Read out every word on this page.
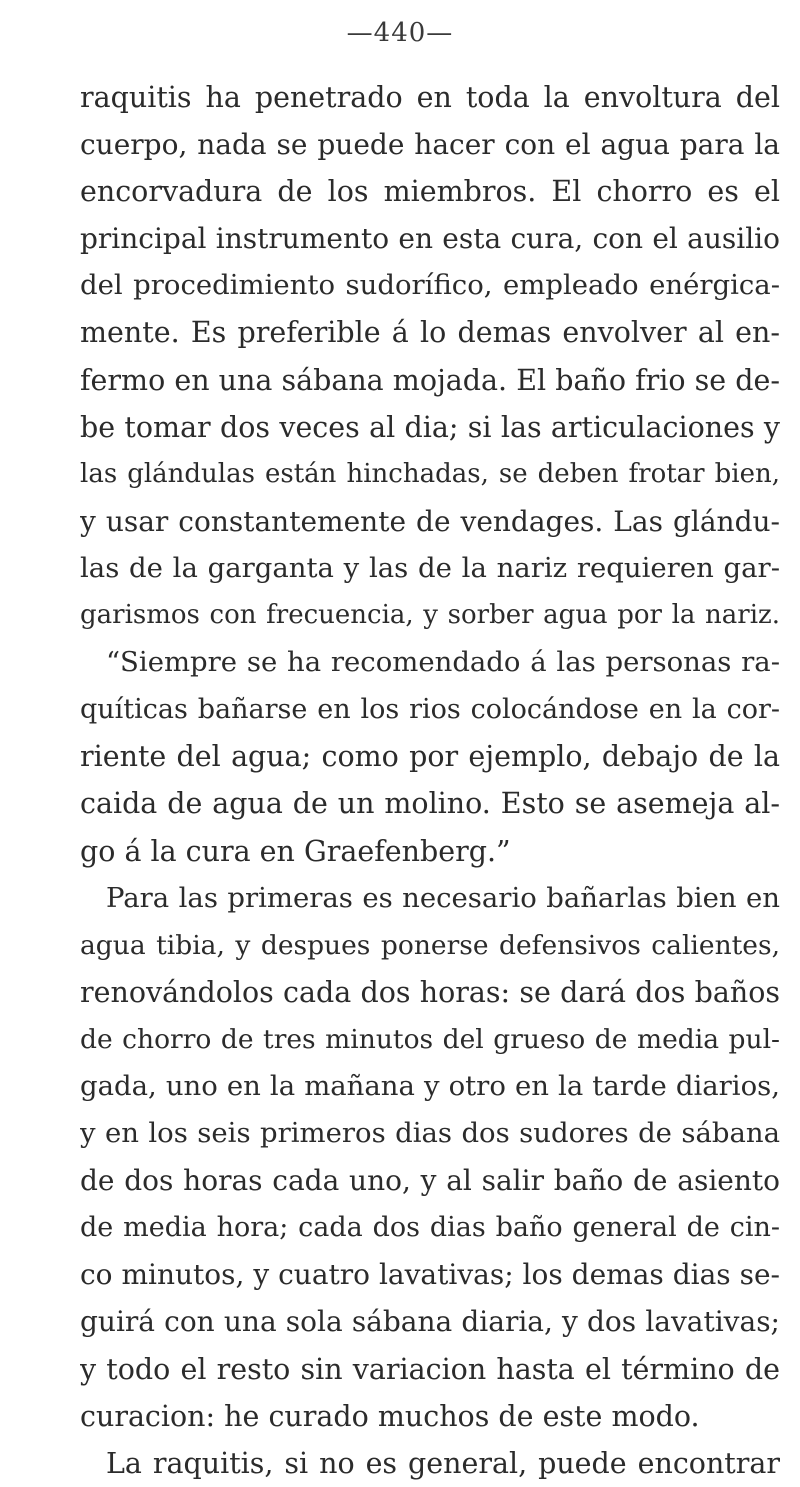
—440—
raquitis ha penetrado en toda la envoltura del
cuerpo, nada se puede hacer con el agua para la
encorvadura de los miembros. El chorro es el
principal instrumento en esta cura, con el ausilio
del procedimiento sudorífico, empleado enérgica-
mente. Es preferible á lo demas envolver al en-
fermo en una sábana mojada. El baño frio se de-
be tomar dos veces al dia; si las articulaciones y
las glándulas están hinchadas, se deben frotar bien,
y usar constantemente de vendages. Las glándu-
las de la garganta y las de la nariz requieren gar-
garismos con frecuencia, y sorber agua por la nariz.
“Siempre se ha recomendado á las personas ra-
quíticas bañarse en los rios colocándose en la cor-
riente del agua; como por ejemplo, debajo de la
caida de agua de un molino. Esto se asemeja al-
go á la cura en Graefenberg.”
Para las primeras es necesario bañarlas bien en
agua tibia, y despues ponerse defensivos calientes,
renovándolos cada dos horas: se dará dos baños
de chorro de tres minutos del grueso de media pul-
gada, uno en la mañana y otro en la tarde diarios,
y en los seis primeros dias dos sudores de sábana
de dos horas cada uno, y al salir baño de asiento
de media hora; cada dos dias baño general de cin-
co minutos, y cuatro lavativas; los demas dias se-
guirá con una sola sábana diaria, y dos lavativas;
y todo el resto sin variacion hasta el término de
curacion: he curado muchos de este modo.
La raquitis, si no es general, puede encontrar
